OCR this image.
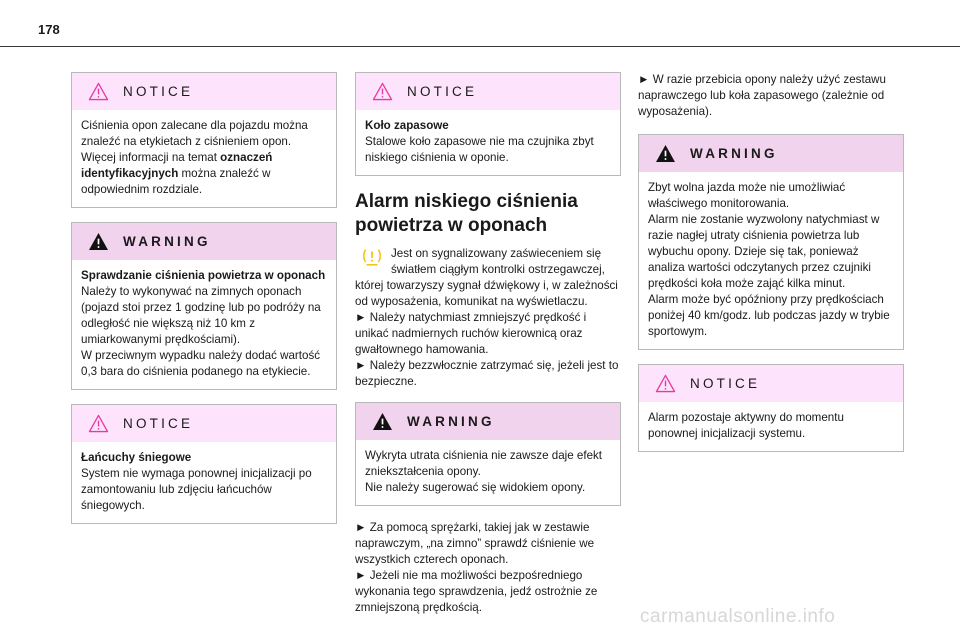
178
NOTICE

Ciśnienia opon zalecane dla pojazdu można znaleźć na etykietach z ciśnieniem opon.

Więcej informacji na temat oznaczeń identyfikacyjnych można znaleźć w odpowiednim rozdziale.

WARNING

Sprawdzanie ciśnienia powietrza w oponach

Należy to wykonywać na zimnych oponach (pojazd stoi przez 1 godzinę lub po podróży na odległość nie większą niż 10 km z umiarkowanymi prędkościami).

W przeciwnym wypadku należy dodać wartość 0,3 bara do ciśnienia podanego na etykiecie.

NOTICE

Łańcuchy śniegowe

System nie wymaga ponownej inicjalizacji po zamontowaniu lub zdjęciu łańcuchów śniegowych.

NOTICE

Koło zapasowe

Stalowe koło zapasowe nie ma czujnika zbyt niskiego ciśnienia w oponie.

Alarm niskiego ciśnienia powietrza w oponach

Jest on sygnalizowany zaświeceniem się światłem ciągłym kontrolki ostrzegawczej, której towarzyszy sygnał dźwiękowy i, w zależności od wyposażenia, komunikat na wyświetlaczu.

► Należy natychmiast zmniejszyć prędkość i unikać nadmiernych ruchów kierownicą oraz gwałtownego hamowania.

► Należy bezzwłocznie zatrzymać się, jeżeli jest to bezpieczne.

WARNING

Wykryta utrata ciśnienia nie zawsze daje efekt zniekształcenia opony.

Nie należy sugerować się widokiem opony.

► Za pomocą sprężarki, takiej jak w zestawie naprawczym, „na zimno” sprawdź ciśnienie we wszystkich czterech oponach.

► Jeżeli nie ma możliwości bezpośredniego wykonania tego sprawdzenia, jedź ostrożnie ze zmniejszoną prędkością.

► W razie przebicia opony należy użyć zestawu naprawczego lub koła zapasowego (zależnie od wyposażenia).

WARNING

Zbyt wolna jazda może nie umożliwiać właściwego monitorowania.

Alarm nie zostanie wyzwolony natychmiast w razie nagłej utraty ciśnienia powietrza lub wybuchu opony. Dzieje się tak, ponieważ analiza wartości odczytanych przez czujniki prędkości koła może zająć kilka minut.

Alarm może być opóźniony przy prędkościach poniżej 40 km/godz. lub podczas jazdy w trybie sportowym.

NOTICE

Alarm pozostaje aktywny do momentu ponownej inicjalizacji systemu.

carmanualsonline.info
